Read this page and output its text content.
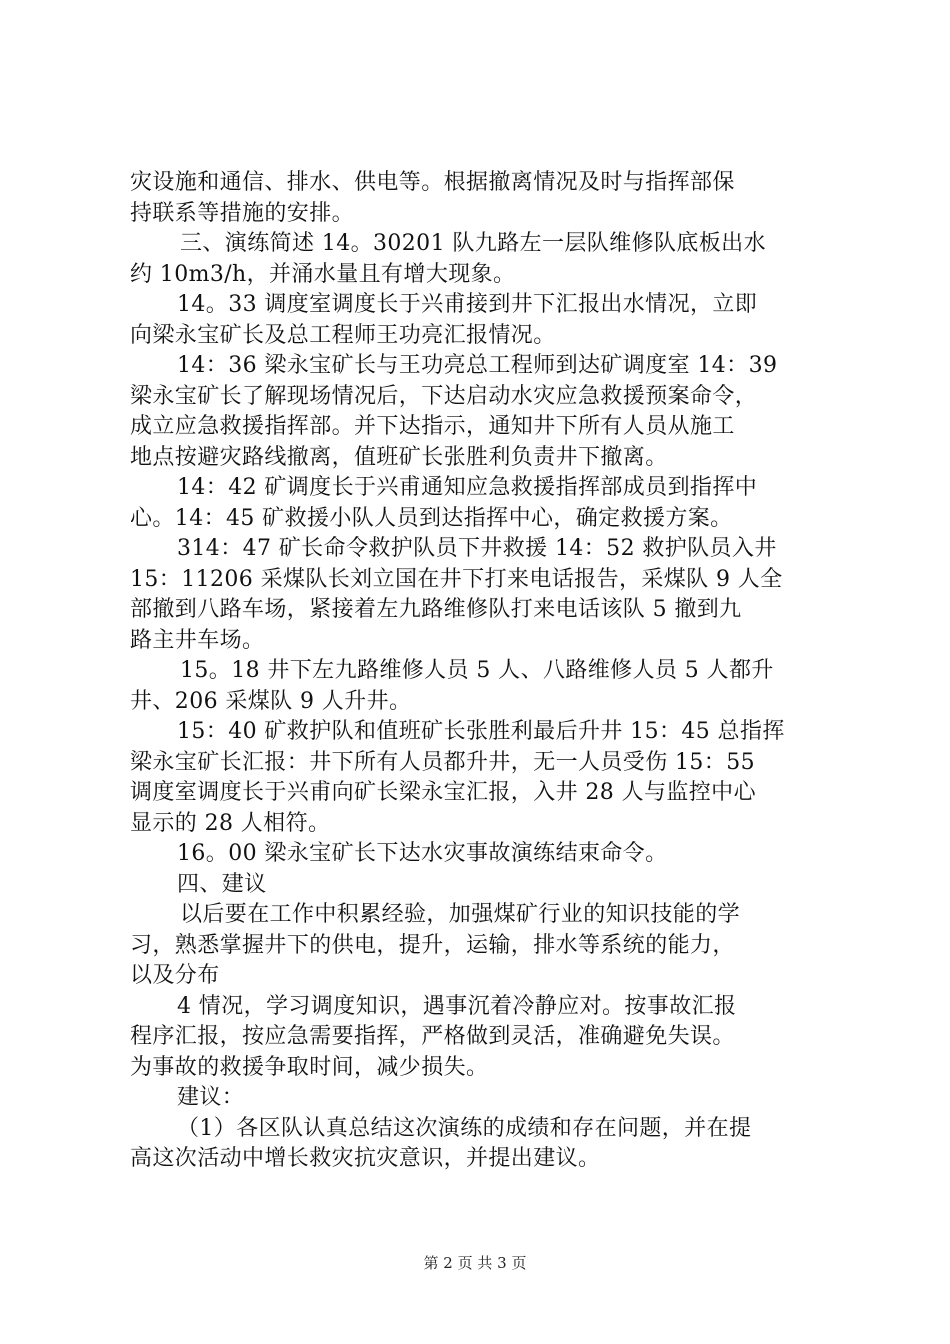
灾设施和通信、排水、供电等。根据撤离情况及时与指挥部保
持联系等措施的安排。
三、演练简述 14。30201 队九路左一层队维修队底板出水
约 10m3/h，并涌水量且有增大现象。
14。33 调度室调度长于兴甫接到井下汇报出水情况，立即
向梁永宝矿长及总工程师王功亮汇报情况。
14：36 梁永宝矿长与王功亮总工程师到达矿调度室 14：39
梁永宝矿长了解现场情况后，下达启动水灾应急救援预案命令，
成立应急救援指挥部。并下达指示，通知井下所有人员从施工
地点按避灾路线撤离，值班矿长张胜利负责井下撤离。
14：42 矿调度长于兴甫通知应急救援指挥部成员到指挥中
心。14：45 矿救援小队人员到达指挥中心，确定救援方案。
314：47 矿长命令救护队员下井救援 14：52 救护队员入井
15：11206 采煤队长刘立国在井下打来电话报告，采煤队 9 人全
部撤到八路车场，紧接着左九路维修队打来电话该队 5 撤到九
路主井车场。
15。18 井下左九路维修人员 5 人、八路维修人员 5 人都升
井、206 采煤队 9 人升井。
15：40 矿救护队和值班矿长张胜利最后升井 15：45 总指挥
梁永宝矿长汇报：井下所有人员都升井，无一人员受伤 15：55
调度室调度长于兴甫向矿长梁永宝汇报，入井 28 人与监控中心
显示的 28 人相符。
16。00 梁永宝矿长下达水灾事故演练结束命令。
四、建议
以后要在工作中积累经验，加强煤矿行业的知识技能的学
习，熟悉掌握井下的供电，提升，运输，排水等系统的能力，
以及分布
4 情况，学习调度知识，遇事沉着冷静应对。按事故汇报
程序汇报，按应急需要指挥，严格做到灵活，准确避免失误。
为事故的救援争取时间，减少损失。
建议：
（1）各区队认真总结这次演练的成绩和存在问题，并在提
高这次活动中增长救灾抗灾意识，并提出建议。
第 2 页 共 3 页
